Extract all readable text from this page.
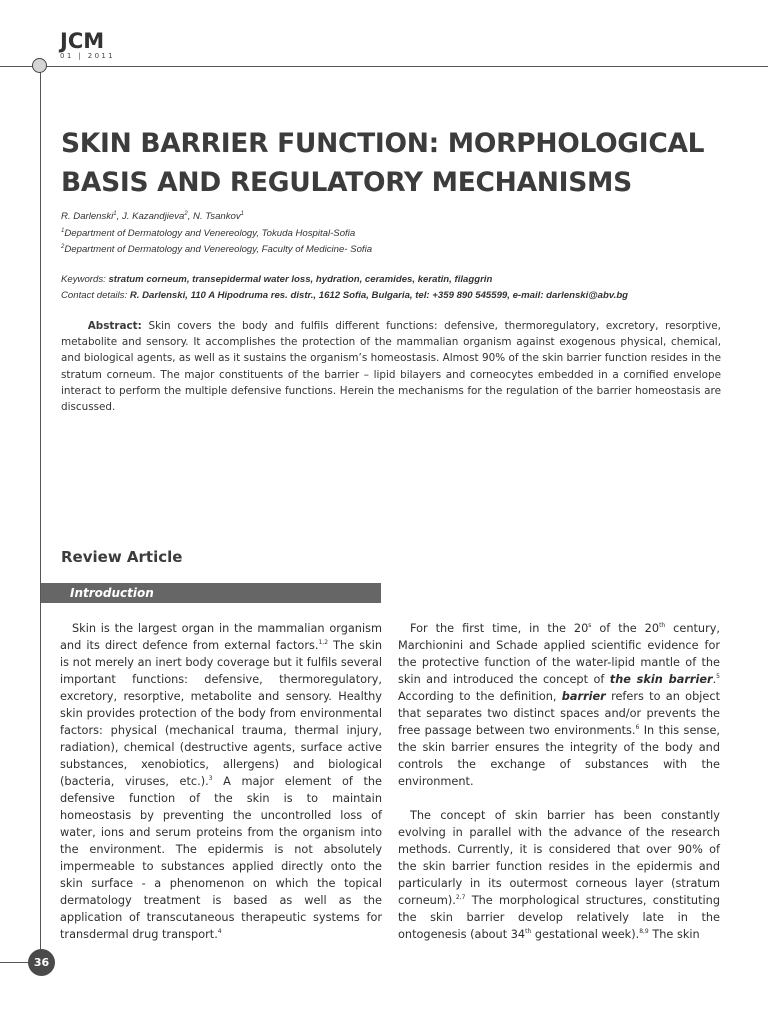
JCM
01 | 2011
36
SKIN BARRIER FUNCTION: MORPHOLOGICAL BASIS AND REGULATORY MECHANISMS
R. Darlenski$^1$, J. Kazandjieva$^2$, N. Tsankov$^1$
$^1$Department of Dermatology and Venereology, Tokuda Hospital-Sofia
$^2$Department of Dermatology and Venereology, Faculty of Medicine- Sofia
Keywords: stratum corneum, transepidermal water loss, hydration, ceramides, keratin, filaggrin
Contact details: R. Darlenski, 110 A Hipodruma res. distr., 1612 Sofia, Bulgaria, tel: +359 890 545599, e-mail: darlenski@abv.bg

Abstract: Skin covers the body and fulfils different functions: defensive, thermoregulatory, excretory, resorptive, metabolite and sensory. It accomplishes the protection of the mammalian organism against exogenous physical, chemical, and biological agents, as well as it sustains the organism’s homeostasis. Almost 90% of the skin barrier function resides in the stratum corneum. The major constituents of the barrier – lipid bilayers and corneocytes embedded in a cornified envelope interact to perform the multiple defensive functions. Herein the mechanisms for the regulation of the barrier homeostasis are discussed.

Review Article
Introduction

Skin is the largest organ in the mammalian organism and its direct defence from external factors.$^{1,2}$ The skin is not merely an inert body coverage but it fulfils several important functions: defensive, thermoregulatory, excretory, resorptive, metabolite and sensory. Healthy skin provides protection of the body from environmental factors: physical (mechanical trauma, thermal injury, radiation), chemical (destructive agents, surface active substances, xenobiotics, allergens) and biological (bacteria, viruses, etc.).$^3$ A major element of the defensive function of the skin is to maintain homeostasis by preventing the uncontrolled loss of water, ions and serum proteins from the organism into the environment. The epidermis is not absolutely impermeable to substances applied directly onto the skin surface - a phenomenon on which the topical dermatology treatment is based as well as the application of transcutaneous therapeutic systems for transdermal drug transport.$^4$

For the first time, in the 20$^s$ of the 20th century, Marchionini and Schade applied scientific evidence for the protective function of the water-lipid mantle of the skin and introduced the concept of the skin barrier.$^5$ According to the definition, barrier refers to an object that separates two distinct spaces and/or prevents the free passage between two environments.$^6$ In this sense, the skin barrier ensures the integrity of the body and controls the exchange of substances with the environment.

The concept of skin barrier has been constantly evolving in parallel with the advance of the research methods. Currently, it is considered that over 90% of the skin barrier function resides in the epidermis and particularly in its outermost corneous layer (stratum corneum).$^{2,7}$ The morphological structures, constituting the skin barrier develop relatively late in the ontogenesis (about 34th gestational week).$^{8,9}$ The skin
